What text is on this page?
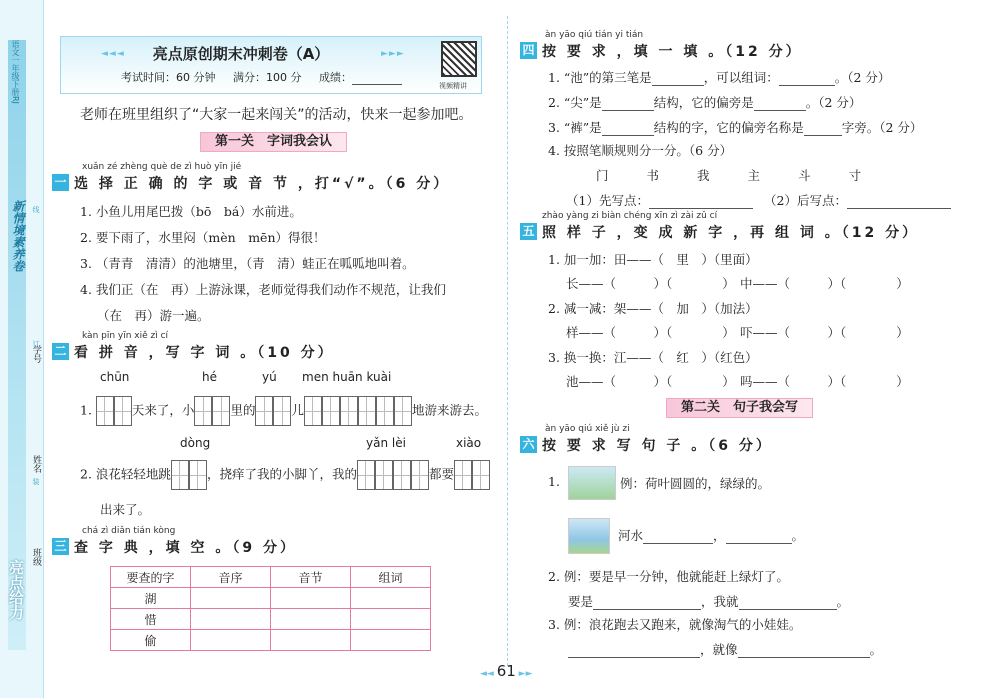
语文一年级下册RJ
新情境素养卷
亮点给力
学号
姓名
班级
线
订
装
◄◄◄	亮点原创期末冲刺卷（A）	►►►
考试时间：60 分钟 满分：100 分 成绩：
视频精讲
老师在班里组织了“大家一起来闯关”的活动，快来一起参加吧。
第一关　字词我会认
xuǎn zé zhèng què de zì huò yīn jié
一 选 择 正 确 的 字 或 音 节 ，打“√”。（6 分）
1. 小鱼儿用尾巴拨（bō　bá）水前进。
2. 要下雨了，水里闷（mèn　mēn）得很！
3. （青青　清清）的池塘里，（青　清）蛙正在呱呱地叫着。
4. 我们正（在　再）上游泳课，老师觉得我们动作不规范，让我们
（在　再）游一遍。
kàn pīn yīn xiě zì cí
二 看 拼 音 ，写 字 词 。（10 分）
chūn	hé	yú men huān kuài
1.	天来了，小	里的	儿	地游来游去。
dòng	yǎn lèi	xiào
2. 浪花轻轻地跳	，挠痒了我的小脚丫，我的	都要
出来了。
chá zì diǎn tián kòng
三 查 字 典 ，填 空 。（9 分）
要查的字	音序	音节	组词
湖			
惜			
偷			
àn yāo qiú tián yi tián
四 按 要 求 ，填 一 填 。（12 分）
1. “池”的第三笔是	，可以组词：	。（2 分）
2. “尖”是	结构，它的偏旁是	。（2 分）
3. “裤”是	结构的字，它的偏旁名称是	字旁。（2 分）
4. 按照笔顺规则分一分。（6 分）
门	书	我	主	斗	寸
（1）先写点：	（2）后写点：
zhào yàng zi biàn chéng xīn zì zài zǔ cí
五 照 样 子 ，变 成 新 字 ，再 组 词 。（12 分）
1. 加一加：田——（　里　）（里面）
长——（　　　）（　　　　） 中——（　　　）（　　　　）
2. 减一减：架——（　加　）（加法）
样——（　　　）（　　　　） 吓——（　　　）（　　　　）
3. 换一换：江——（　红　）（红色）
池——（　　　）（　　　　） 吗——（　　　）（　　　　）
第二关　句子我会写
àn yāo qiú xiě jù zi
六 按 要 求 写 句 子 。（6 分）
1.	例：荷叶圆圆的，绿绿的。
河水	，	。
2. 例：要是早一分钟，他就能赶上绿灯了。
要是	，我就	。
3. 例：浪花跑去又跑来，就像淘气的小娃娃。
，就像	。
◄◄ 61 ►►
